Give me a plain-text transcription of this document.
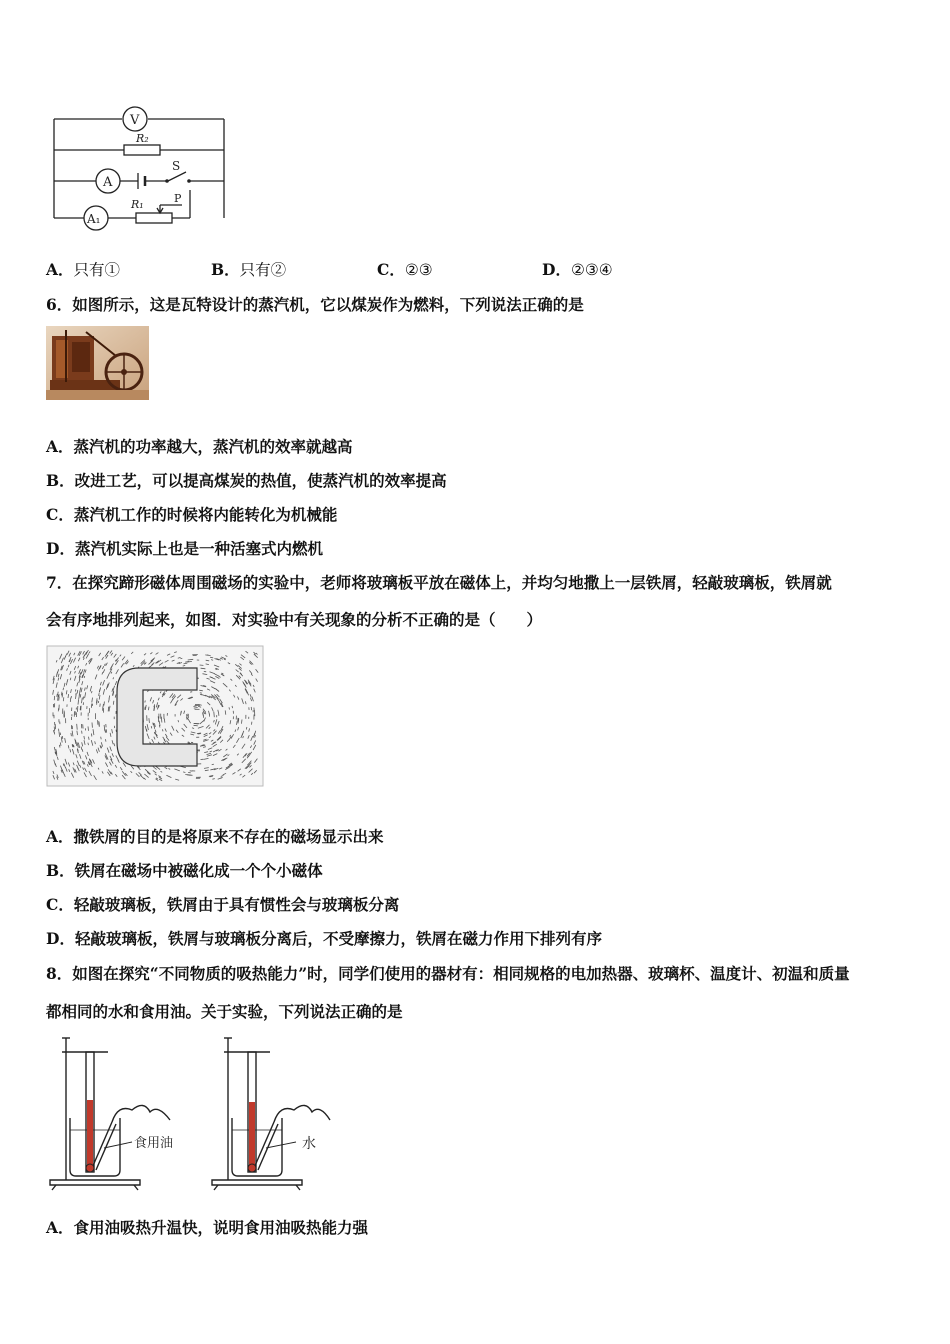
V
R₂
S
A
A₁
R₁	P
A．只有①	B．只有②	C．②③	D．②③④
6．如图所示，这是瓦特设计的蒸汽机，它以煤炭作为燃料，下列说法正确的是
A．蒸汽机的功率越大，蒸汽机的效率就越高
B．改进工艺，可以提高煤炭的热值，使蒸汽机的效率提高
C．蒸汽机工作的时候将内能转化为机械能
D．蒸汽机实际上也是一种活塞式内燃机
7．在探究蹄形磁体周围磁场的实验中，老师将玻璃板平放在磁体上，并均匀地撒上一层铁屑，轻敲玻璃板，铁屑就
会有序地排列起来，如图．对实验中有关现象的分析不正确的是（　　）
A．撒铁屑的目的是将原来不存在的磁场显示出来
B．铁屑在磁场中被磁化成一个个小磁体
C．轻敲玻璃板，铁屑由于具有惯性会与玻璃板分离
D．轻敲玻璃板，铁屑与玻璃板分离后，不受摩擦力，铁屑在磁力作用下排列有序
8．如图在探究“不同物质的吸热能力”时，同学们使用的器材有：相同规格的电加热器、玻璃杯、温度计、初温和质量
都相同的水和食用油。关于实验，下列说法正确的是
食用油	水
A．食用油吸热升温快，说明食用油吸热能力强
